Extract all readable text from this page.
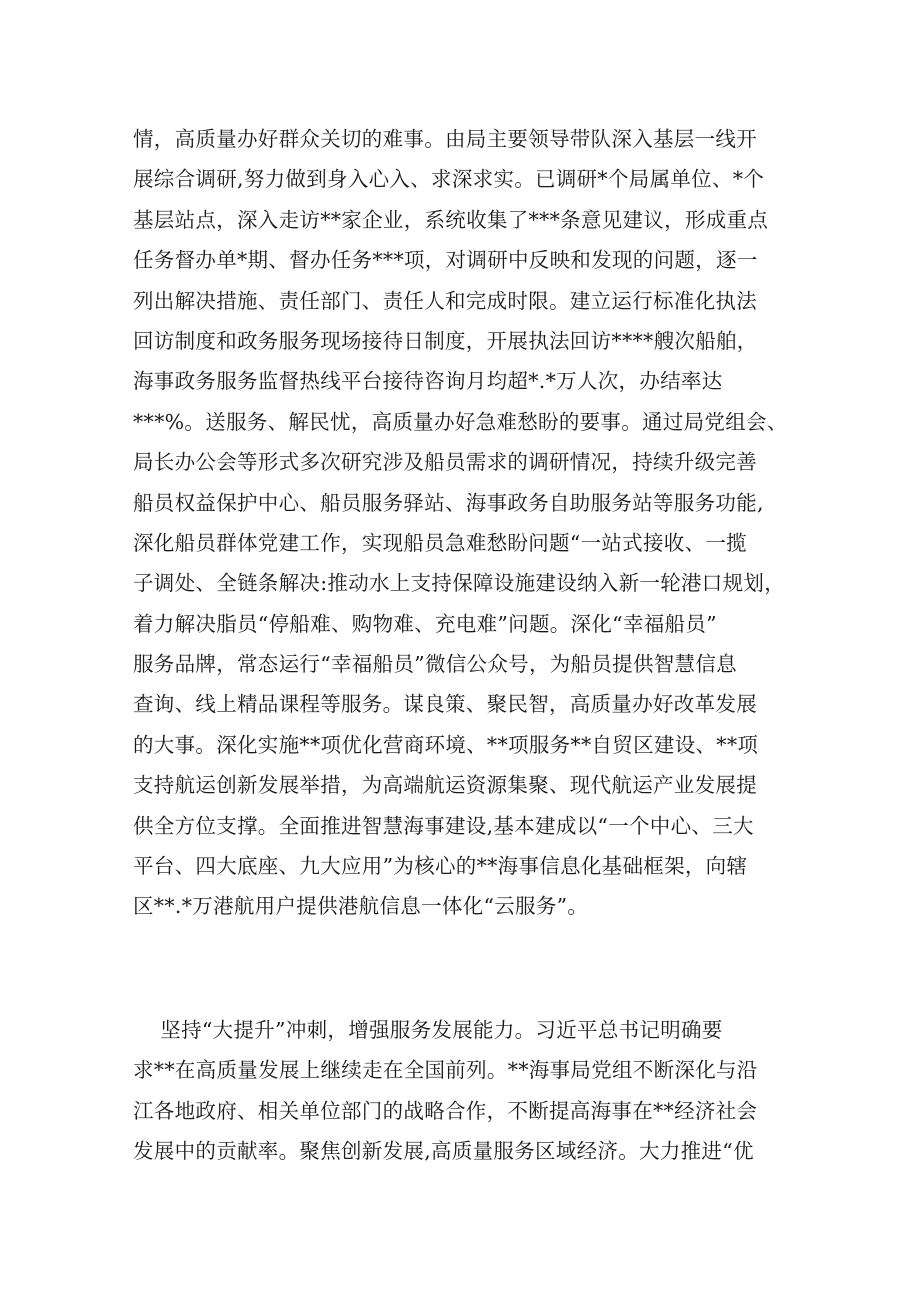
情，高质量办好群众关切的难事。由局主要领导带队深入基层一线开
展综合调研,努力做到身入心入、求深求实。已调研*个局属单位、*个
基层站点，深入走访**家企业，系统收集了***条意见建议，形成重点
任务督办单*期、督办任务***项，对调研中反映和发现的问题，逐一
列出解决措施、责任部门、责任人和完成时限。建立运行标准化执法
回访制度和政务服务现场接待日制度，开展执法回访****艘次船舶，
海事政务服务监督热线平台接待咨询月均超*.*万人次，办结率达
***%。送服务、解民忧，高质量办好急难愁盼的要事。通过局党组会、
局长办公会等形式多次研究涉及船员需求的调研情况，持续升级完善
船员权益保护中心、船员服务驿站、海事政务自助服务站等服务功能,
深化船员群体党建工作，实现船员急难愁盼问题“一站式接收、一揽
子调处、全链条解决:推动水上支持保障设施建设纳入新一轮港口规划，
着力解决脂员“停船难、购物难、充电难”问题。深化“幸福船员”
服务品牌，常态运行“幸福船员”微信公众号，为船员提供智慧信息
查询、线上精品课程等服务。谋良策、聚民智，高质量办好改革发展
的大事。深化实施**项优化营商环境、**项服务**自贸区建设、**项
支持航运创新发展举措，为高端航运资源集聚、现代航运产业发展提
供全方位支撑。全面推进智慧海事建设,基本建成以“一个中心、三大
平台、四大底座、九大应用”为核心的**海事信息化基础框架，向辖
区**.*万港航用户提供港航信息一体化“云服务”。
坚持“大提升”冲刺，增强服务发展能力。习近平总书记明确要
求**在高质量发展上继续走在全国前列。**海事局党组不断深化与沿
江各地政府、相关单位部门的战略合作，不断提高海事在**经济社会
发展中的贡献率。聚焦创新发展,高质量服务区域经济。大力推进“优
